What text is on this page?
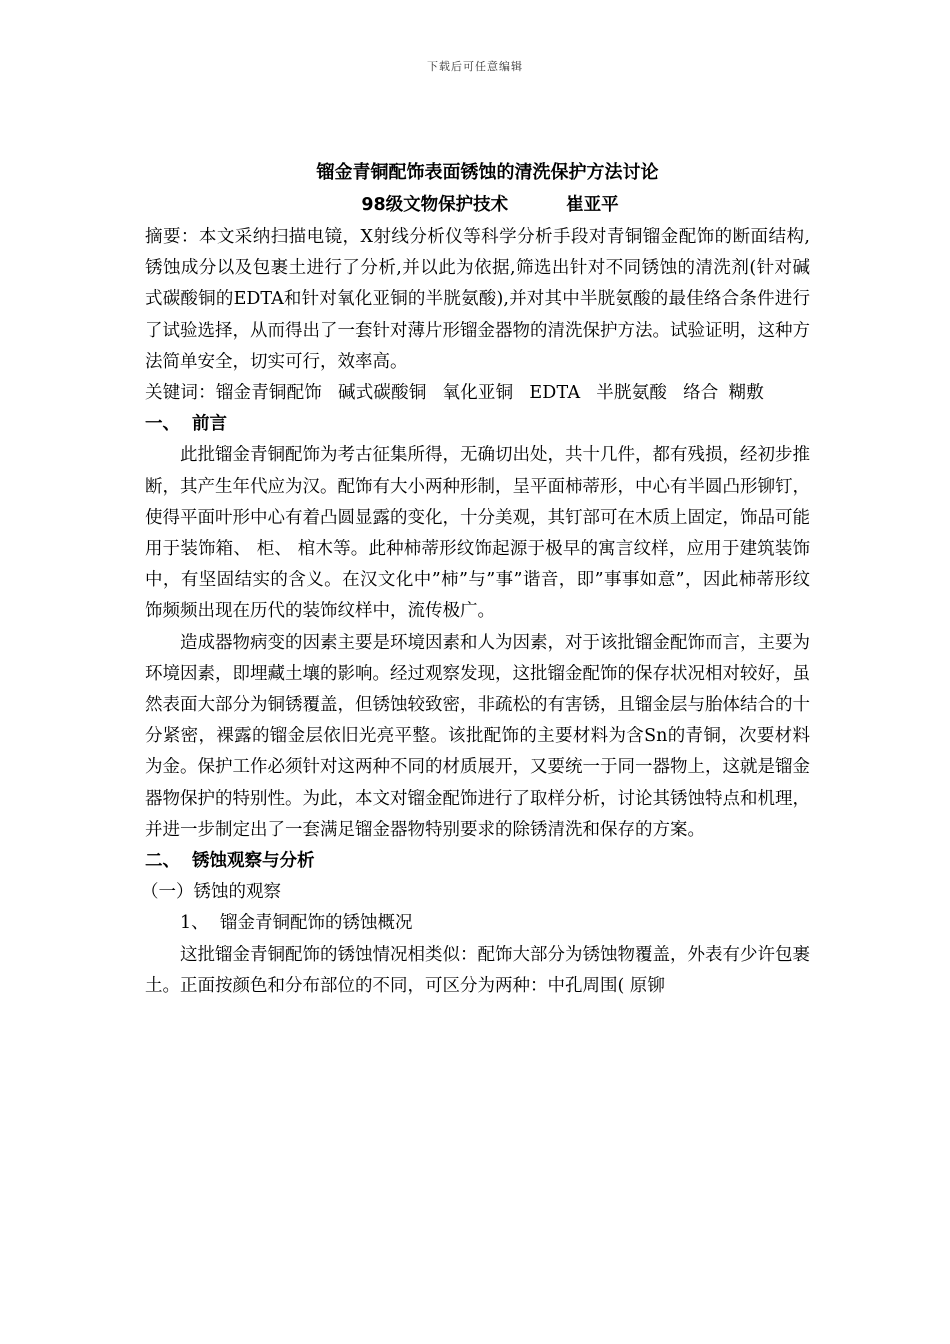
下载后可任意编辑

镏金青铜配饰表面锈蚀的清洗保护方法讨论

98级文物保护技术	崔亚平

摘要：本文采纳扫描电镜，X射线分析仪等科学分析手段对青铜镏金配饰的断面结构,锈蚀成分以及包裹土进行了分析,并以此为依据,筛选出针对不同锈蚀的清洗剂(针对碱式碳酸铜的EDTA和针对氧化亚铜的半胱氨酸),并对其中半胱氨酸的最佳络合条件进行了试验选择，从而得出了一套针对薄片形镏金器物的清洗保护方法。试验证明，这种方法简单安全，切实可行，效率高。

关键词：镏金青铜配饰 碱式碳酸铜 氧化亚铜 EDTA 半胱氨酸 络合 糊敷

一、 前言

此批镏金青铜配饰为考古征集所得，无确切出处，共十几件，都有残损，经初步推断，其产生年代应为汉。配饰有大小两种形制，呈平面柿蒂形，中心有半圆凸形铆钉，使得平面叶形中心有着凸圆显露的变化，十分美观，其钉部可在木质上固定，饰品可能用于装饰箱、 柜、 棺木等。此种柿蒂形纹饰起源于极早的寓言纹样，应用于建筑装饰中，有坚固结实的含义。在汉文化中”柿”与”事”谐音，即”事事如意”，因此柿蒂形纹饰频频出现在历代的装饰纹样中，流传极广。

造成器物病变的因素主要是环境因素和人为因素，对于该批镏金配饰而言，主要为环境因素，即埋藏土壤的影响。经过观察发现，这批镏金配饰的保存状况相对较好，虽然表面大部分为铜锈覆盖，但锈蚀较致密，非疏松的有害锈，且镏金层与胎体结合的十分紧密，裸露的镏金层依旧光亮平整。该批配饰的主要材料为含Sn的青铜，次要材料为金。保护工作必须针对这两种不同的材质展开，又要统一于同一器物上，这就是镏金器物保护的特别性。为此，本文对镏金配饰进行了取样分析，讨论其锈蚀特点和机理，并进一步制定出了一套满足镏金器物特别要求的除锈清洗和保存的方案。

二、 锈蚀观察与分析

（一）锈蚀的观察

1、 镏金青铜配饰的锈蚀概况

这批镏金青铜配饰的锈蚀情况相类似：配饰大部分为锈蚀物覆盖，外表有少许包裹土。正面按颜色和分布部位的不同，可区分为两种：中孔周围( 原铆
